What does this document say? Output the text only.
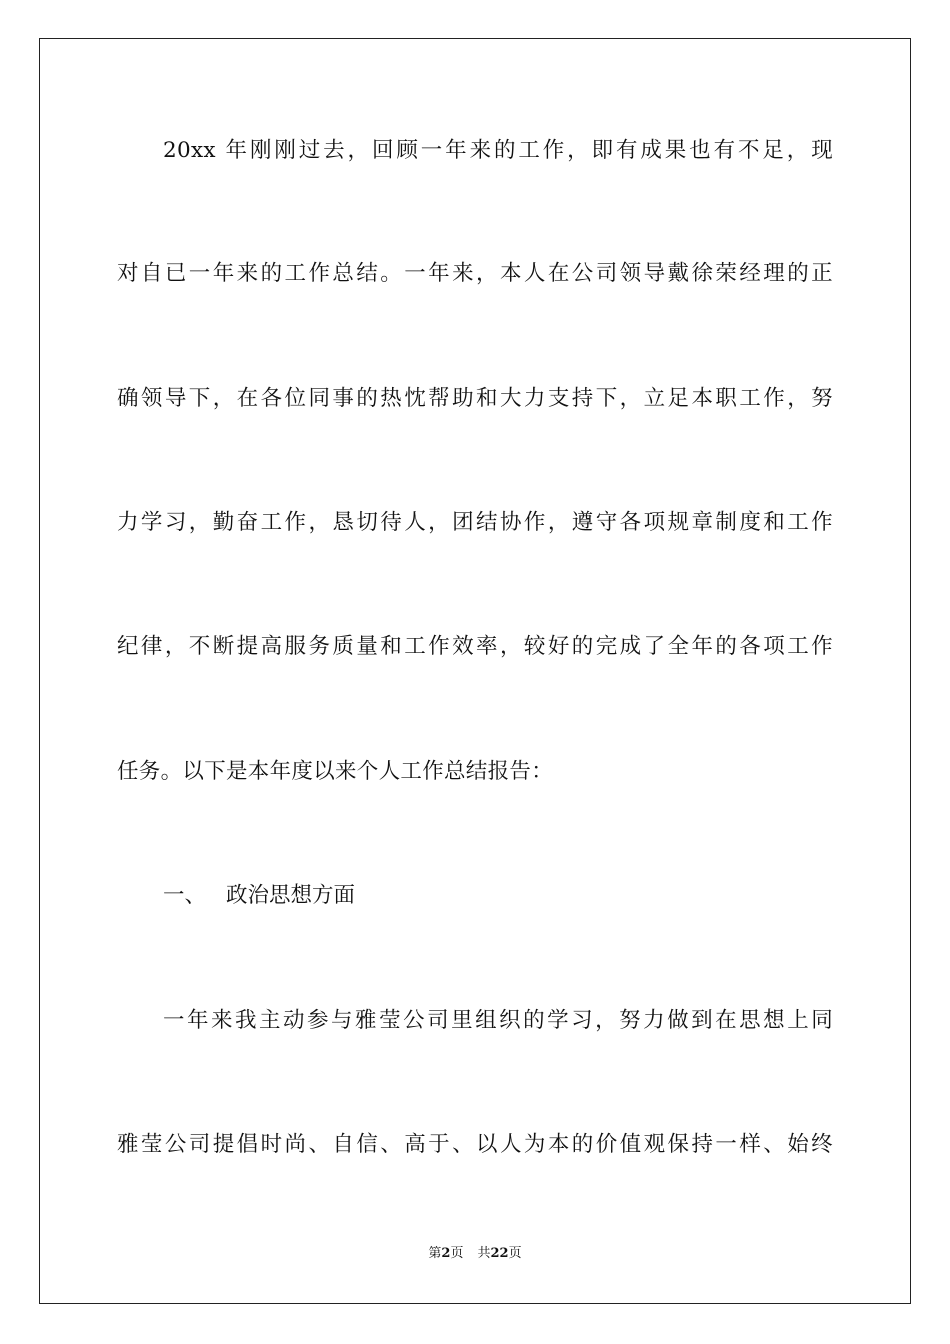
20xx 年刚刚过去，回顾一年来的工作，即有成果也有不足，现
对自已一年来的工作总结。一年来，本人在公司领导戴徐荣经理的正
确领导下，在各位同事的热忱帮助和大力支持下，立足本职工作，努
力学习，勤奋工作，恳切待人，团结协作，遵守各项规章制度和工作
纪律，不断提高服务质量和工作效率，较好的完成了全年的各项工作
任务。以下是本年度以来个人工作总结报告：
一、 政治思想方面
一年来我主动参与雅莹公司里组织的学习，努力做到在思想上同
雅莹公司提倡时尚、自信、高于、以人为本的价值观保持一样、始终
第2页 共22页
